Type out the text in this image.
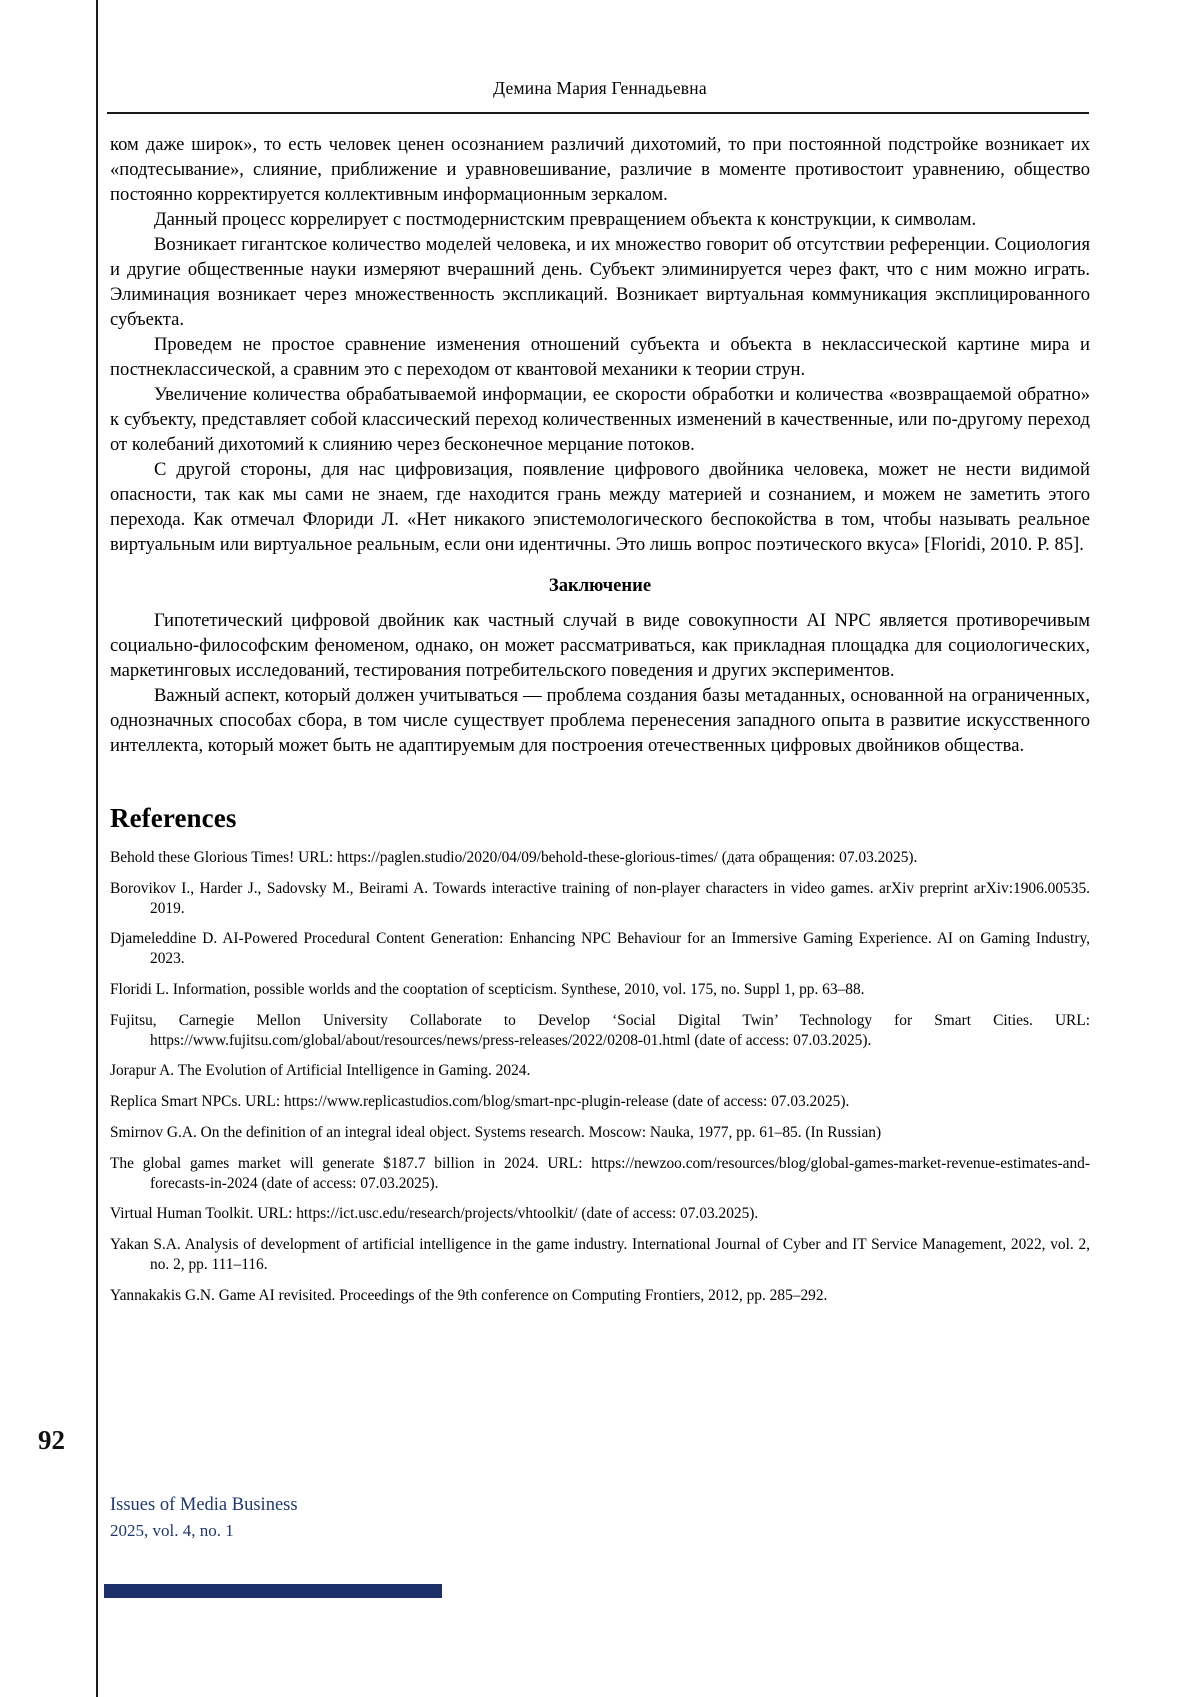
Демина Мария Геннадьевна

ком даже широк», то есть человек ценен осознанием различий дихотомий, то при постоянной подстройке возникает их «подтесывание», слияние, приближение и уравновешивание, различие в моменте противостоит уравнению, общество постоянно корректируется коллективным информационным зеркалом.

Данный процесс коррелирует с постмодернистским превращением объекта к конструкции, к символам.

Возникает гигантское количество моделей человека, и их множество говорит об отсутствии референции. Социология и другие общественные науки измеряют вчерашний день. Субъект элиминируется через факт, что с ним можно играть. Элиминация возникает через множественность экспликаций. Возникает виртуальная коммуникация эксплицированного субъекта.

Проведем не простое сравнение изменения отношений субъекта и объекта в неклассической картине мира и постнеклассической, а сравним это с переходом от квантовой механики к теории струн.

Увеличение количества обрабатываемой информации, ее скорости обработки и количества «возвращаемой обратно» к субъекту, представляет собой классический переход количественных изменений в качественные, или по-другому переход от колебаний дихотомий к слиянию через бесконечное мерцание потоков.

С другой стороны, для нас цифровизация, появление цифрового двойника человека, может не нести видимой опасности, так как мы сами не знаем, где находится грань между материей и сознанием, и можем не заметить этого перехода. Как отмечал Флориди Л. «Нет никакого эпистемологического беспокойства в том, чтобы называть реальное виртуальным или виртуальное реальным, если они идентичны. Это лишь вопрос поэтического вкуса» [Floridi, 2010. P. 85].

Заключение

Гипотетический цифровой двойник как частный случай в виде совокупности AI NPC является противоречивым социально-философским феноменом, однако, он может рассматриваться, как прикладная площадка для социологических, маркетинговых исследований, тестирования потребительского поведения и других экспериментов.

Важный аспект, который должен учитываться — проблема создания базы метаданных, основанной на ограниченных, однозначных способах сбора, в том числе существует проблема перенесения западного опыта в развитие искусственного интеллекта, который может быть не адаптируемым для построения отечественных цифровых двойников общества.

References
Behold these Glorious Times! URL: https://paglen.studio/2020/04/09/behold-these-glorious-times/ (дата обращения: 07.03.2025).
Borovikov I., Harder J., Sadovsky M., Beirami A. Towards interactive training of non-player characters in video games. arXiv preprint arXiv:1906.00535. 2019.
Djameleddine D. AI-Powered Procedural Content Generation: Enhancing NPC Behaviour for an Immersive Gaming Experience. AI on Gaming Industry, 2023.
Floridi L. Information, possible worlds and the cooptation of scepticism. Synthese, 2010, vol. 175, no. Suppl 1, pp. 63–88.
Fujitsu, Carnegie Mellon University Collaborate to Develop ‘Social Digital Twin’ Technology for Smart Cities. URL: https://www.fujitsu.com/global/about/resources/news/press-releases/2022/0208-01.html (date of access: 07.03.2025).
Jorapur A. The Evolution of Artificial Intelligence in Gaming. 2024.
Replica Smart NPCs. URL: https://www.replicastudios.com/blog/smart-npc-plugin-release (date of access: 07.03.2025).
Smirnov G.A. On the definition of an integral ideal object. Systems research. Moscow: Nauka, 1977, pp. 61–85. (In Russian)
The global games market will generate $187.7 billion in 2024. URL: https://newzoo.com/resources/blog/global-games-market-revenue-estimates-and-forecasts-in-2024 (date of access: 07.03.2025).
Virtual Human Toolkit. URL: https://ict.usc.edu/research/projects/vhtoolkit/ (date of access: 07.03.2025).
Yakan S.A. Analysis of development of artificial intelligence in the game industry. International Journal of Cyber and IT Service Management, 2022, vol. 2, no. 2, pp. 111–116.
Yannakakis G.N. Game AI revisited. Proceedings of the 9th conference on Computing Frontiers, 2012, pp. 285–292.
92
Issues of Media Business
2025, vol. 4, no. 1
